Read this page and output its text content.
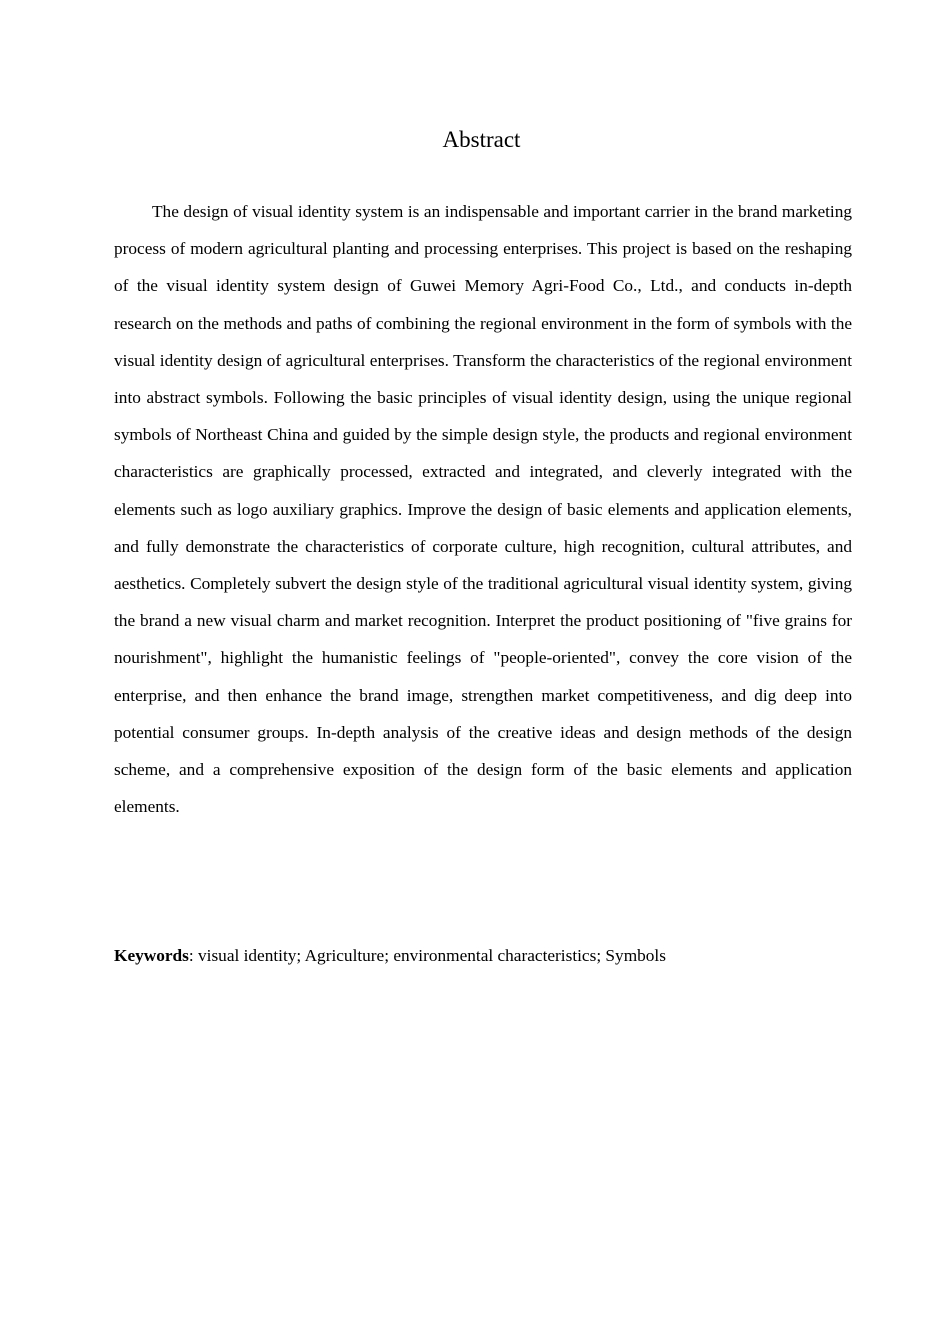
Abstract

The design of visual identity system is an indispensable and important carrier in the brand marketing process of modern agricultural planting and processing enterprises. This project is based on the reshaping of the visual identity system design of Guwei Memory Agri-Food Co., Ltd., and conducts in-depth research on the methods and paths of combining the regional environment in the form of symbols with the visual identity design of agricultural enterprises. Transform the characteristics of the regional environment into abstract symbols. Following the basic principles of visual identity design, using the unique regional symbols of Northeast China and guided by the simple design style, the products and regional environment characteristics are graphically processed, extracted and integrated, and cleverly integrated with the elements such as logo auxiliary graphics. Improve the design of basic elements and application elements, and fully demonstrate the characteristics of corporate culture, high recognition, cultural attributes, and aesthetics. Completely subvert the design style of the traditional agricultural visual identity system, giving the brand a new visual charm and market recognition. Interpret the product positioning of "five grains for nourishment", highlight the humanistic feelings of "people-oriented", convey the core vision of the enterprise, and then enhance the brand image, strengthen market competitiveness, and dig deep into potential consumer groups. In-depth analysis of the creative ideas and design methods of the design scheme, and a comprehensive exposition of the design form of the basic elements and application elements.

Keywords: visual identity; Agriculture; environmental characteristics; Symbols
